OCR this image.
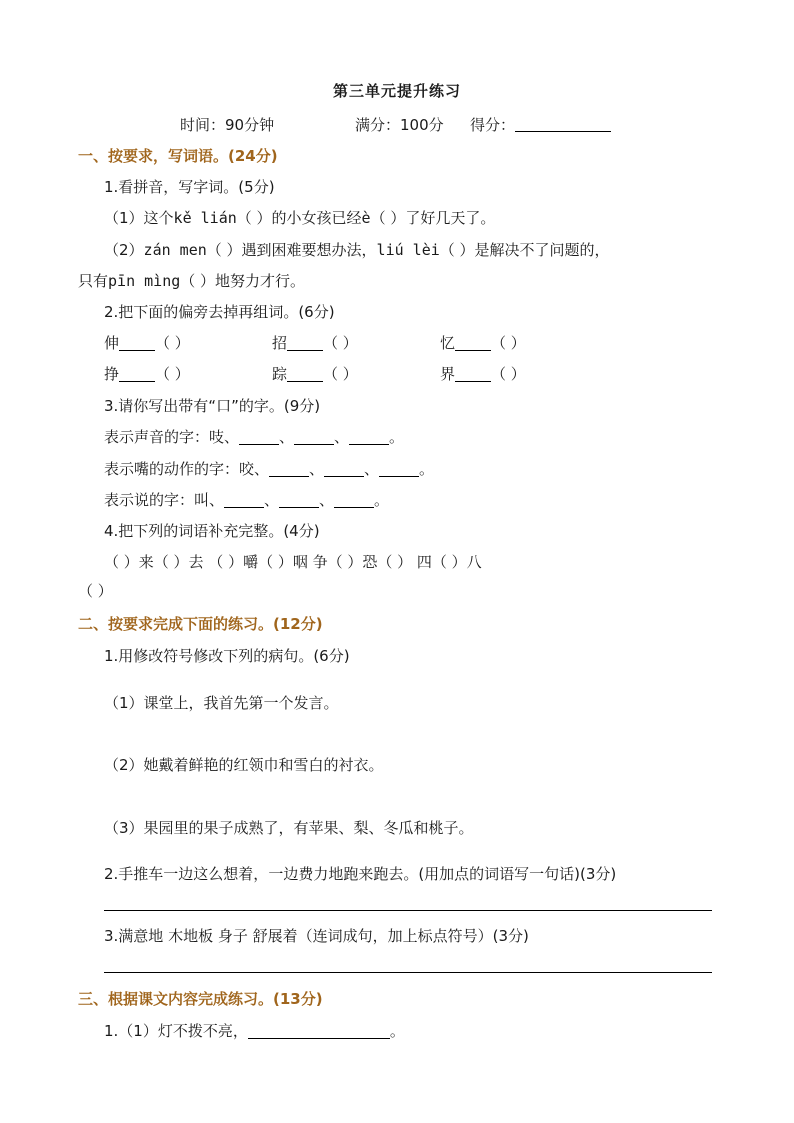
第三单元提升练习
时间：90分钟	满分：100分 得分：
一、按要求，写词语。(24分)
1.看拼音，写字词。(5分)
（1）这个kě lián（ ）的小女孩已经è（ ）了好几天了。
（2）zán men（ ）遇到困难要想办法，liú lèi（ ）是解决不了问题的，
只有pīn mìng（ ）地努力才行。
2.把下面的偏旁去掉再组词。(6分)
伸 （ ）	招 （ ）	忆 （ ）
挣 （ ）	踪 （ ）	界 （ ）
3.请你写出带有“口”的字。(9分)
表示声音的字：吱、	、	、	。
表示嘴的动作的字：咬、	、	、	。
表示说的字：叫、	、	、	。
4.把下列的词语补充完整。(4分)
（ ）来（ ）去 （ ）嚼（ ）咽 争（ ）恐（ ） 四（ ）八
（ ）
二、按要求完成下面的练习。(12分)
1.用修改符号修改下列的病句。(6分)
（1）课堂上，我首先第一个发言。
（2）她戴着鲜艳的红领巾和雪白的衬衣。
（3）果园里的果子成熟了，有苹果、梨、冬瓜和桃子。
2.手推车一边这么想着，一边费力地跑来跑去。(用加点的词语写一句话)(3分)
3.满意地 木地板 身子 舒展着（连词成句，加上标点符号）(3分)
三、根据课文内容完成练习。(13分)
1.（1）灯不拨不亮，	。
